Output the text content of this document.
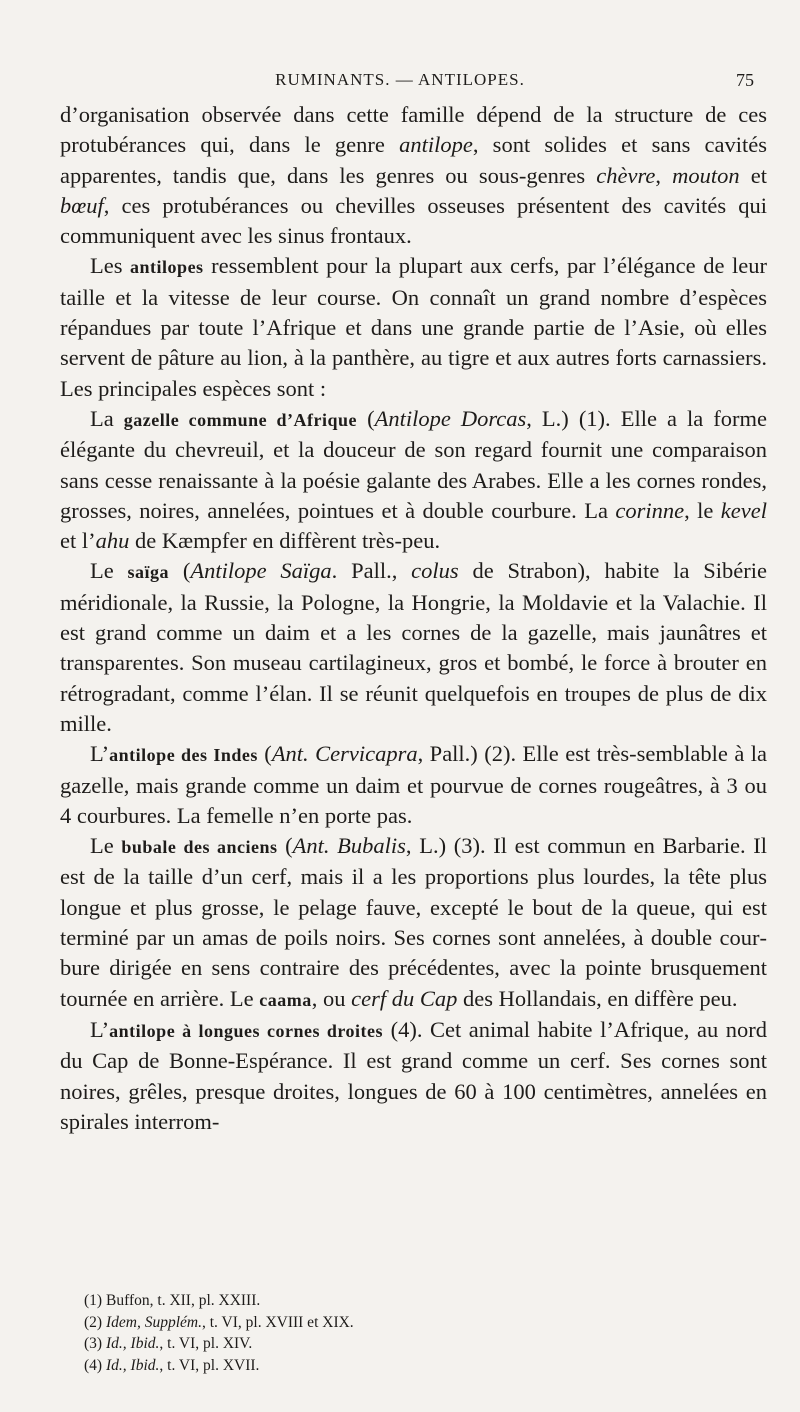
RUMINANTS. — ANTILOPES.	75

d’organisation observée dans cette famille dépend de la structure de ces protubérances qui, dans le genre antilope, sont solides et sans cavités apparentes, tandis que, dans les genres ou sous-genres chèvre, mouton et bœuf, ces protubérances ou chevilles osseuses présentent des cavités qui communiquent avec les sinus frontaux.

Les antilopes ressemblent pour la plupart aux cerfs, par l’élégance de leur taille et la vitesse de leur course. On connaît un grand nombre d’espèces répandues par toute l’Afrique et dans une grande partie de l’Asie, où elles servent de pâture au lion, à la panthère, au tigre et aux autres forts carnassiers. Les principales espèces sont :

La gazelle commune d’Afrique (Antilope Dorcas, L.) (1). Elle a la forme élégante du chevreuil, et la douceur de son regard fournit une comparaison sans cesse renaissante à la poésie galante des Arabes. Elle a les cornes rondes, grosses, noires, annelées, pointues et à double courbure. La corinne, le kevel et l’ahu de Kæmpfer en diffèrent très-peu.

Le saïga (Antilope Saïga. Pall., colus de Strabon), habite la Sibérie méridionale, la Russie, la Pologne, la Hongrie, la Moldavie et la Valachie. Il est grand comme un daim et a les cornes de la gazelle, mais jaunâtres et transparentes. Son museau cartilagineux, gros et bombé, le force à brouter en rétrogradant, comme l’élan. Il se réunit quelquefois en troupes de plus de dix mille.

L’antilope des Indes (Ant. Cervicapra, Pall.) (2). Elle est très-semblable à la gazelle, mais grande comme un daim et pourvue de cornes rougeâtres, à 3 ou 4 courbures. La femelle n’en porte pas.

Le bubale des anciens (Ant. Bubalis, L.) (3). Il est commun en Barbarie. Il est de la taille d’un cerf, mais il a les proportions plus lourdes, la tête plus longue et plus grosse, le pelage fauve, excepté le bout de la queue, qui est terminé par un amas de poils noirs. Ses cornes sont annelées, à double courbure dirigée en sens contraire des précédentes, avec la pointe brusquement tournée en arrière. Le caama, ou cerf du Cap des Hollandais, en diffère peu.

L’antilope à longues cornes droites (4). Cet animal habite l’Afrique, au nord du Cap de Bonne-Espérance. Il est grand comme un cerf. Ses cornes sont noires, grêles, presque droites, longues de 60 à 100 centimètres, annelées en spirales interrom-

(1) Buffon, t. XII, pl. XXIII.

(2) Idem, Supplém., t. VI, pl. XVIII et XIX.

(3) Id., Ibid., t. VI, pl. XIV.

(4) Id., Ibid., t. VI, pl. XVII.
